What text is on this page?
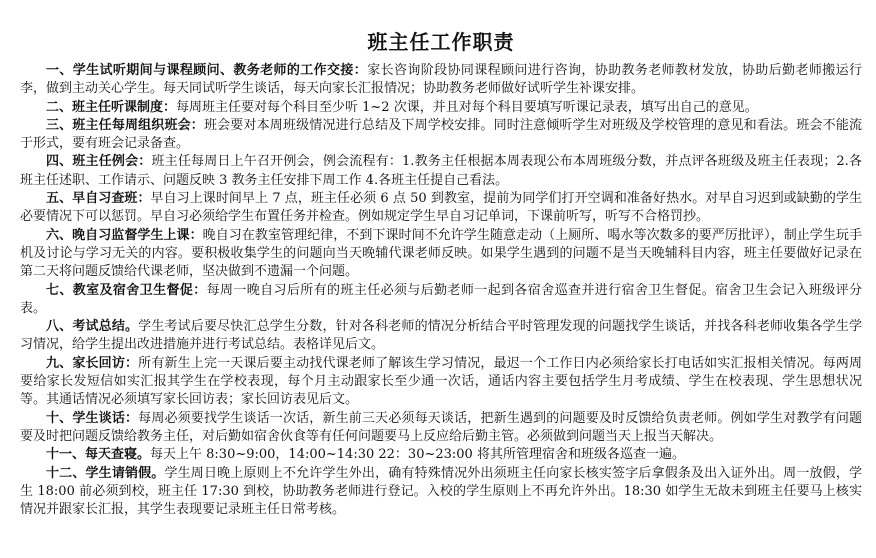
班主任工作职责

一、学生试听期间与课程顾问、教务老师的工作交接：家长咨询阶段协同课程顾问进行咨询，协助教务老师教材发放，协助后勤老师搬运行李，做到主动关心学生。每天同试听学生谈话，每天向家长汇报情况；协助教务老师做好试听学生补课安排。

二、班主任听课制度：每周班主任要对每个科目至少听 1~2 次课，并且对每个科目要填写听课记录表，填写出自己的意见。

三、班主任每周组织班会：班会要对本周班级情况进行总结及下周学校安排。同时注意倾听学生对班级及学校管理的意见和看法。班会不能流于形式，要有班会记录备查。

四、班主任例会：班主任每周日上午召开例会，例会流程有：1.教务主任根据本周表现公布本周班级分数，并点评各班级及班主任表现；2.各班主任述职、工作请示、问题反映 3 教务主任安排下周工作 4.各班主任提自己看法。

五、早自习查班：早自习上课时间早上 7 点，班主任必须 6 点 50 到教室，提前为同学们打开空调和准备好热水。对早自习迟到或缺勤的学生必要情况下可以惩罚。早自习必须给学生布置任务并检查。例如规定学生早自习记单词，下课前听写，听写不合格罚抄。

六、晚自习监督学生上课：晚自习在教室管理纪律，不到下课时间不允许学生随意走动（上厕所、喝水等次数多的要严厉批评），制止学生玩手机及讨论与学习无关的内容。要积极收集学生的问题向当天晚辅代课老师反映。如果学生遇到的问题不是当天晚辅科目内容，班主任要做好记录在第二天将问题反馈给代课老师，坚决做到不遗漏一个问题。

七、教室及宿舍卫生督促：每周一晚自习后所有的班主任必须与后勤老师一起到各宿舍巡查并进行宿舍卫生督促。宿舍卫生会记入班级评分表。

八、考试总结。学生考试后要尽快汇总学生分数，针对各科老师的情况分析结合平时管理发现的问题找学生谈话，并找各科老师收集各学生学习情况，给学生提出改进措施并进行考试总结。表格详见后文。

九、家长回访：所有新生上完一天课后要主动找代课老师了解该生学习情况，最迟一个工作日内必须给家长打电话如实汇报相关情况。每两周要给家长发短信如实汇报其学生在学校表现，每个月主动跟家长至少通一次话，通话内容主要包括学生月考成绩、学生在校表现、学生思想状况等。其通话情况必须填写家长回访表；家长回访表见后文。

十、学生谈话：每周必须要找学生谈话一次话，新生前三天必须每天谈话，把新生遇到的问题要及时反馈给负责老师。例如学生对教学有问题要及时把问题反馈给教务主任，对后勤如宿舍伙食等有任何问题要马上反应给后勤主管。必须做到问题当天上报当天解决。

十一、每天查寝。每天上午 8:30~9:00，14:00~14:30 22：30~23:00 将其所管理宿舍和班级各巡查一遍。

十二、学生请销假。学生周日晚上原则上不允许学生外出，确有特殊情况外出须班主任向家长核实签字后拿假条及出入证外出。周一放假，学生 18:00 前必须到校，班主任 17:30 到校，协助教务老师进行登记。入校的学生原则上不再允许外出。18:30 如学生无故未到班主任要马上核实情况并跟家长汇报，其学生表现要记录班主任日常考核。
